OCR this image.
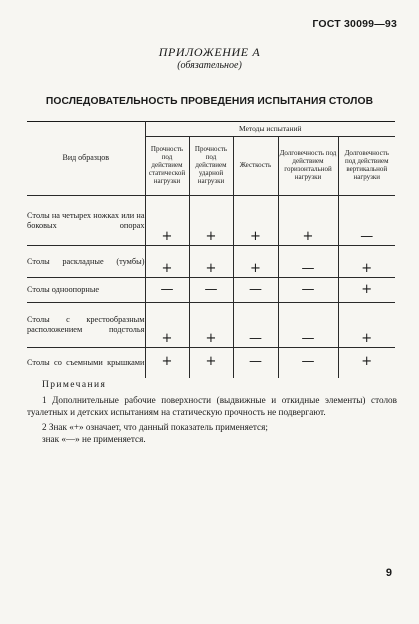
ГОСТ 30099—93
ПРИЛОЖЕНИЕ А
(обязательное)
ПОСЛЕДОВАТЕЛЬНОСТЬ ПРОВЕДЕНИЯ ИСПЫТАНИЯ СТОЛОВ
Вид образцов	Методы испытаний				
	Прочность под действием статической нагрузки	Прочность под действием ударной нагрузки	Жесткость	Долговечность под действием горизонтальной нагрузки	Долговечность под действием вертикальной нагрузки
Столы на четырех ножках или на боковых опорах	+	+	+	+	—
Столы раскладные (тумбы)	+	+	+	—	+
Столы одноопорные	—	—	—	—	+
Столы с крестообразным расположением подстолья	+	+	—	—	+
Столы со съемными крышками	+	+	—	—	+
Примечания
1 Дополнительные рабочие поверхности (выдвижные и откидные элементы) столов туалетных и детских испытаниям на статическую прочность не подвергают.
2 Знак «+» означает, что данный показатель применяется;
знак «—» не применяется.
9
